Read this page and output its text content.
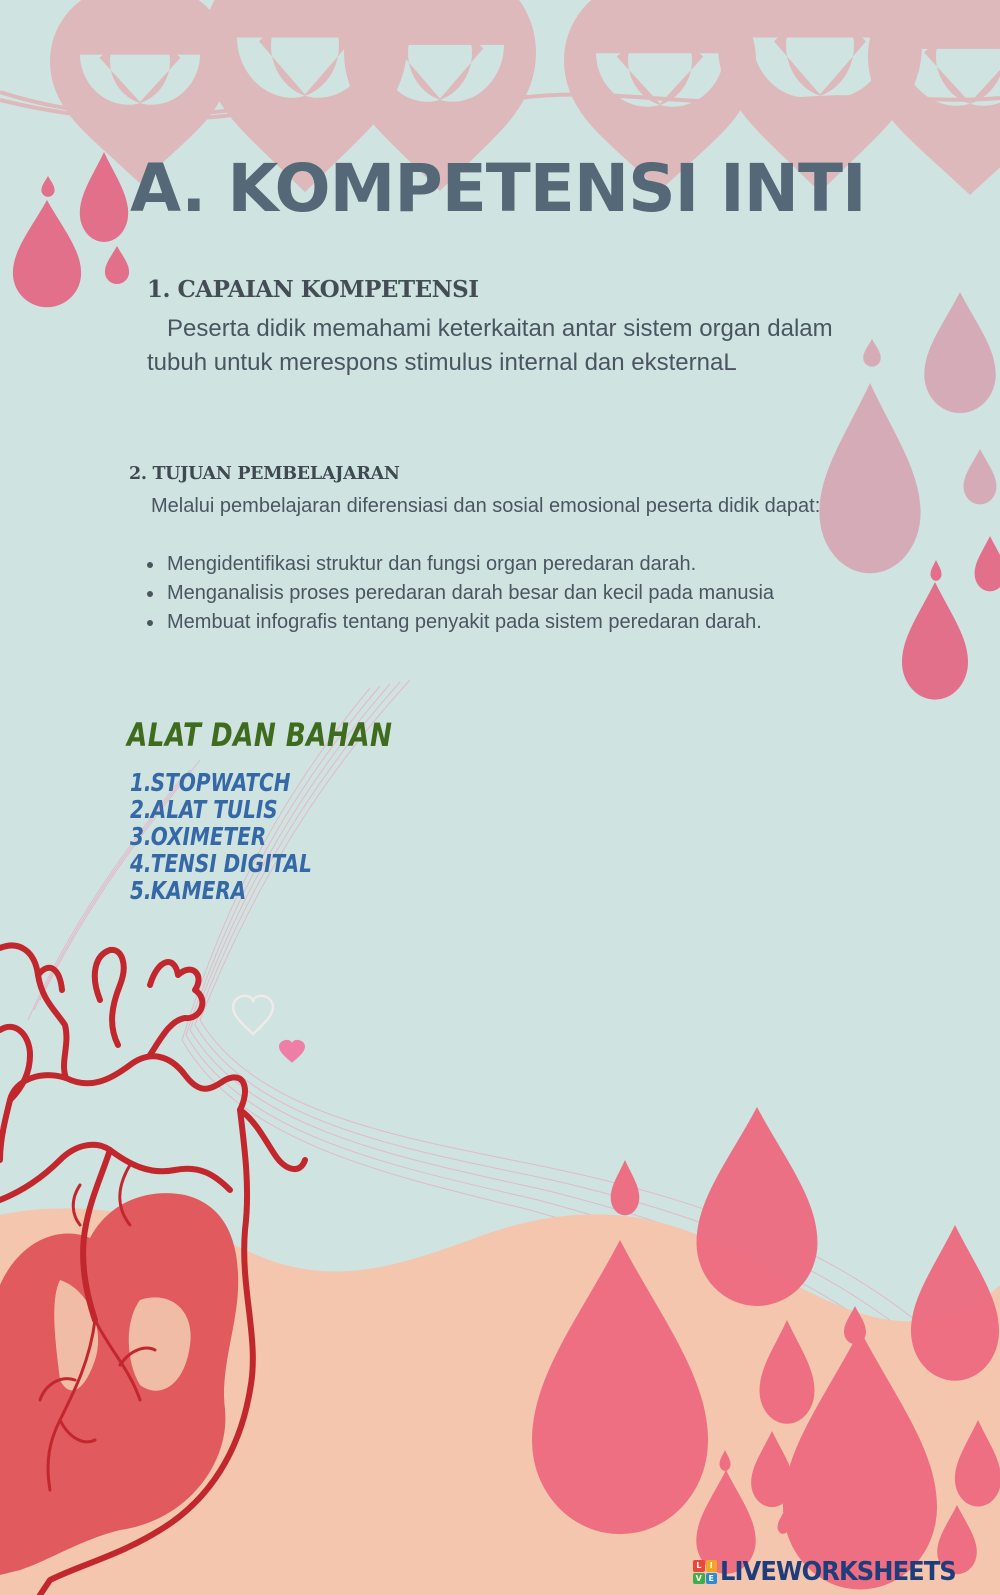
A. KOMPETENSI INTI
1. CAPAIAN KOMPETENSI

Peserta didik memahami keterkaitan antar sistem organ dalam tubuh untuk merespons stimulus internal dan eksternaL

2. TUJUAN PEMBELAJARAN

Melalui pembelajaran diferensiasi dan sosial emosional peserta didik dapat:

• Mengidentifikasi struktur dan fungsi organ peredaran darah.
• Menganalisis proses peredaran darah besar dan kecil pada manusia
• Membuat infografis tentang penyakit pada sistem peredaran darah.
ALAT DAN BAHAN
1.STOPWATCH
2.ALAT TULIS
3.OXIMETER
4.TENSI DIGITAL
5.KAMERA
L	I
V E LIVEWORKSHEETS
